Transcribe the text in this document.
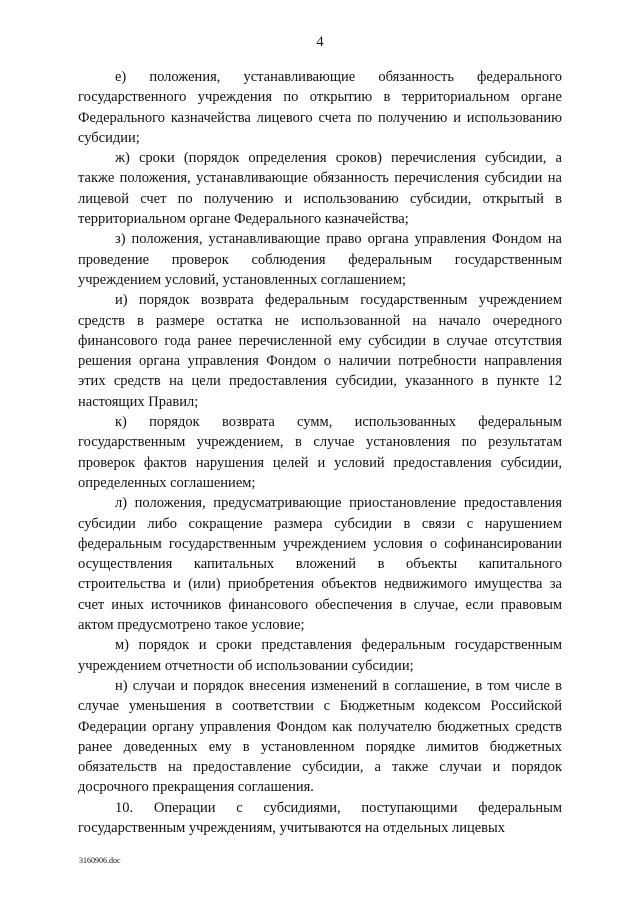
4

е) положения, устанавливающие обязанность федерального государственного учреждения по открытию в территориальном органе Федерального казначейства лицевого счета по получению и использованию субсидии;

ж) сроки (порядок определения сроков) перечисления субсидии, а также положения, устанавливающие обязанность перечисления субсидии на лицевой счет по получению и использованию субсидии, открытый в территориальном органе Федерального казначейства;

з) положения, устанавливающие право органа управления Фондом на проведение проверок соблюдения федеральным государственным учреждением условий, установленных соглашением;

и) порядок возврата федеральным государственным учреждением средств в размере остатка не использованной на начало очередного финансового года ранее перечисленной ему субсидии в случае отсутствия решения органа управления Фондом о наличии потребности направления этих средств на цели предоставления субсидии, указанного в пункте 12 настоящих Правил;

к) порядок возврата сумм, использованных федеральным государственным учреждением, в случае установления по результатам проверок фактов нарушения целей и условий предоставления субсидии, определенных соглашением;

л) положения, предусматривающие приостановление предоставления субсидии либо сокращение размера субсидии в связи с нарушением федеральным государственным учреждением условия о софинансировании осуществления капитальных вложений в объекты капитального строительства и (или) приобретения объектов недвижимого имущества за счет иных источников финансового обеспечения в случае, если правовым актом предусмотрено такое условие;

м) порядок и сроки представления федеральным государственным учреждением отчетности об использовании субсидии;

н) случаи и порядок внесения изменений в соглашение, в том числе в случае уменьшения в соответствии с Бюджетным кодексом Российской Федерации органу управления Фондом как получателю бюджетных средств ранее доведенных ему в установленном порядке лимитов бюджетных обязательств на предоставление субсидии, а также случаи и порядок досрочного прекращения соглашения.

10. Операции с субсидиями, поступающими федеральным государственным учреждениям, учитываются на отдельных лицевых

3160906.doc
